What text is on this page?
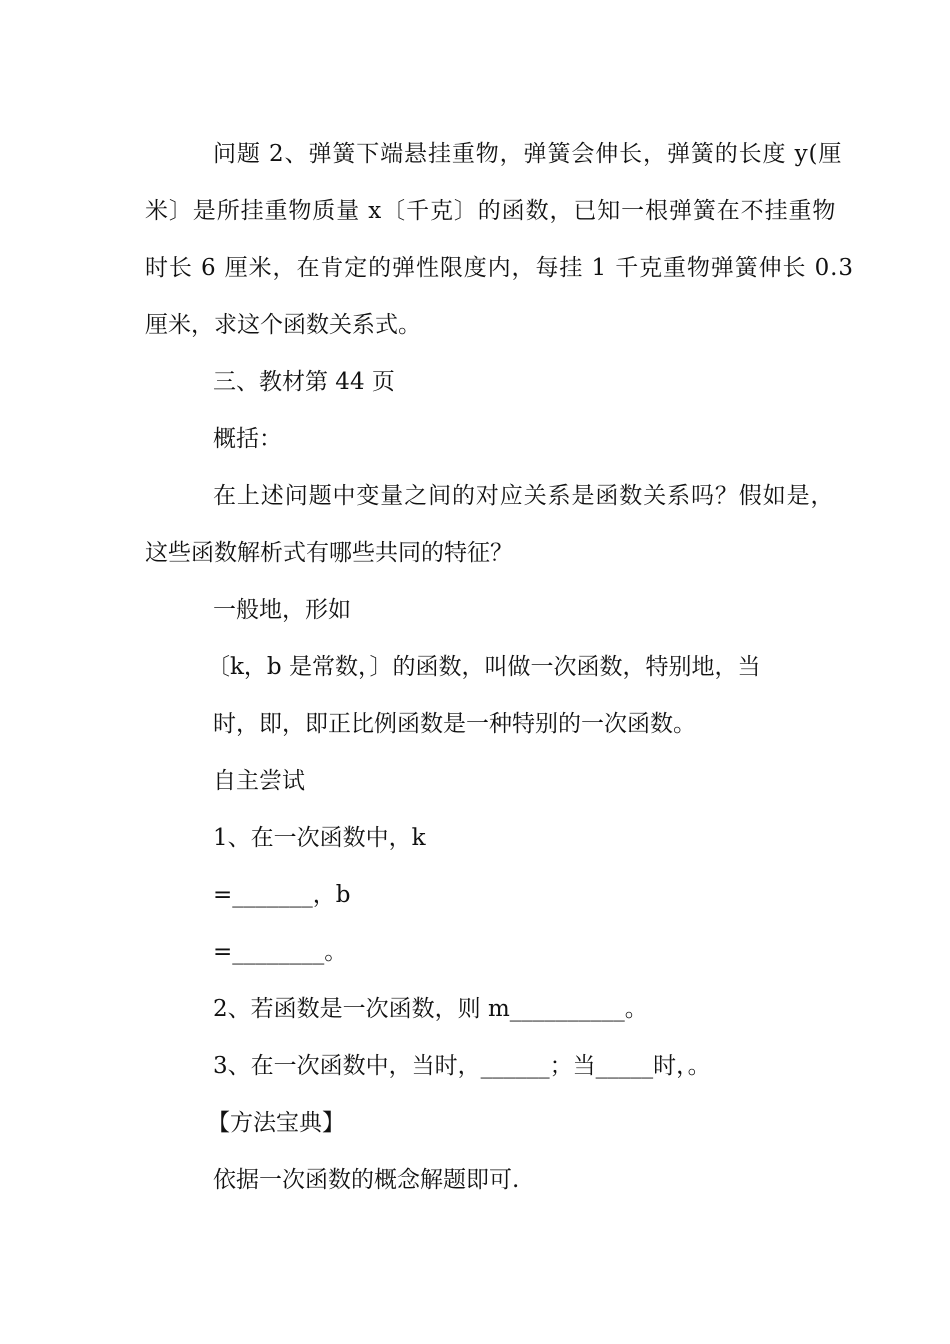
问题 2、弹簧下端悬挂重物，弹簧会伸长，弹簧的长度 y(厘

米〕是所挂重物质量 x〔千克〕的函数，已知一根弹簧在不挂重物

时长 6 厘米，在肯定的弹性限度内，每挂 1 千克重物弹簧伸长 0.3

厘米，求这个函数关系式。

三、教材第 44 页

概括：

在上述问题中变量之间的对应关系是函数关系吗？假如是，

这些函数解析式有哪些共同的特征？

一般地，形如

〔k，b 是常数，〕的函数，叫做一次函数，特别地，当

时，即，即正比例函数是一种特别的一次函数。

自主尝试

1、在一次函数中，k

=_______，b

=________。

2、若函数是一次函数，则 m__________。

3、在一次函数中，当时，______；当_____时，。

【方法宝典】

依据一次函数的概念解题即可.
